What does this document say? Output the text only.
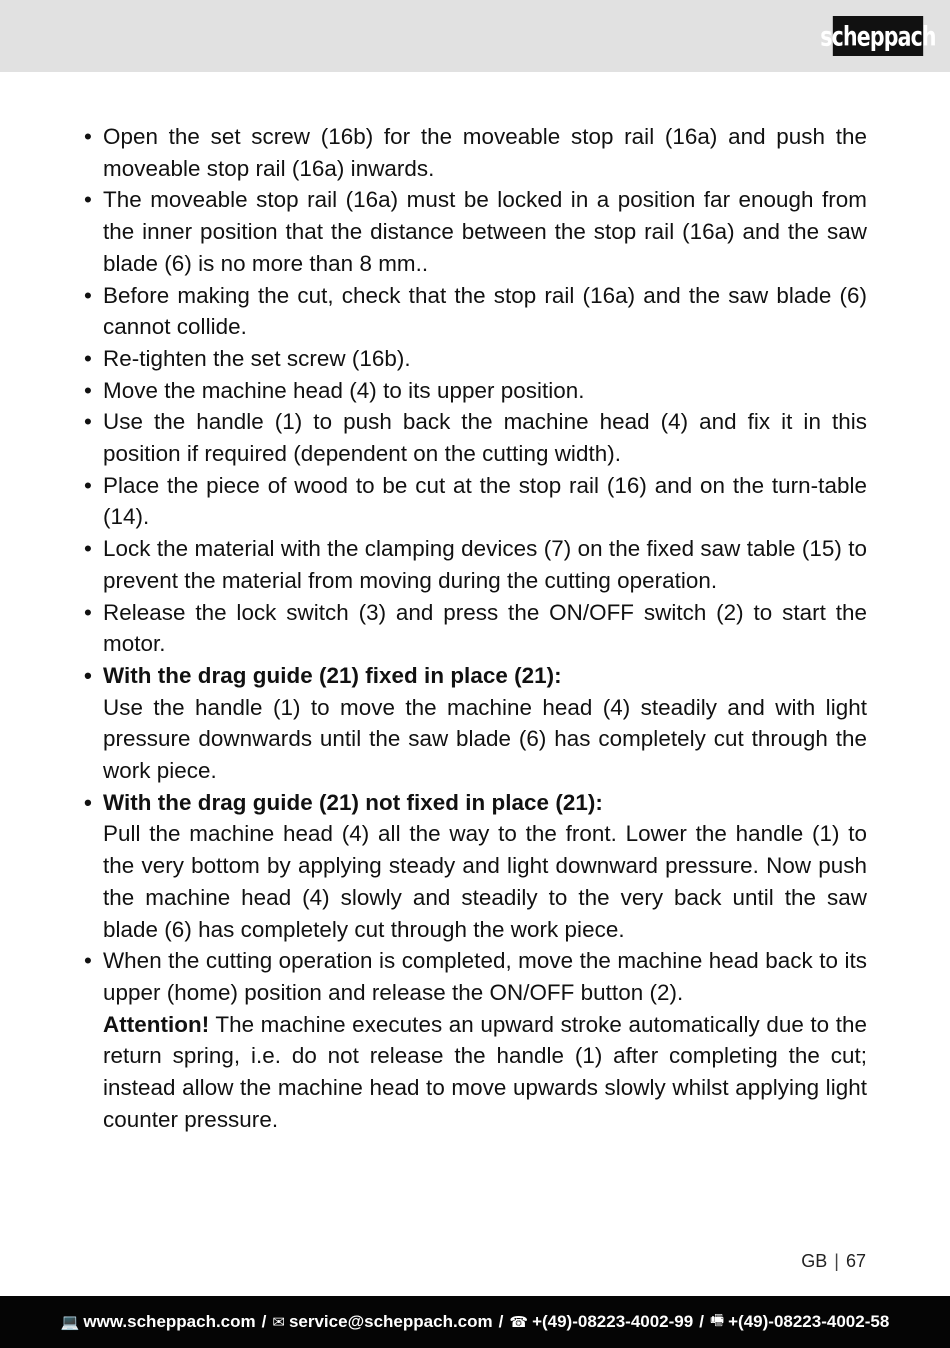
scheppach
• Open the set screw (16b) for the moveable stop rail (16a) and push the moveable stop rail (16a) inwards.
• The moveable stop rail (16a) must be locked in a position far enough from the inner position that the distance between the stop rail (16a) and the saw blade (6) is no more than 8 mm..
• Before making the cut, check that the stop rail (16a) and the saw blade (6) cannot collide.
• Re-tighten the set screw (16b).
• Move the machine head (4) to its upper position.
• Use the handle (1) to push back the machine head (4) and fix it in this position if required (dependent on the cutting width).
• Place the piece of wood to be cut at the stop rail (16) and on the turn-table (14).
• Lock the material with the clamping devices (7) on the fixed saw table (15) to prevent the material from moving during the cutting operation.
• Release the lock switch (3) and press the ON/OFF switch (2) to start the motor.
• With the drag guide (21) fixed in place (21):
Use the handle (1) to move the machine head (4) steadily and with light pressure downwards until the saw blade (6) has completely cut through the work piece.
• With the drag guide (21) not fixed in place (21):
Pull the machine head (4) all the way to the front. Lower the handle (1) to the very bottom by applying steady and light downward pressure. Now push the machine head (4) slowly and steadily to the very back until the saw blade (6) has completely cut through the work piece.
• When the cutting operation is completed, move the machine head back to its upper (home) position and release the ON/OFF button (2).
Attention! The machine executes an upward stroke automatically due to the return spring, i.e. do not release the handle (1) after completing the cut; instead allow the machine head to move upwards slowly whilst applying light counter pressure.
GB | 67
💻 www.scheppach.com / ✉ service@scheppach.com / ☎ +(49)-08223-4002-99 / 🖷 +(49)-08223-4002-58
